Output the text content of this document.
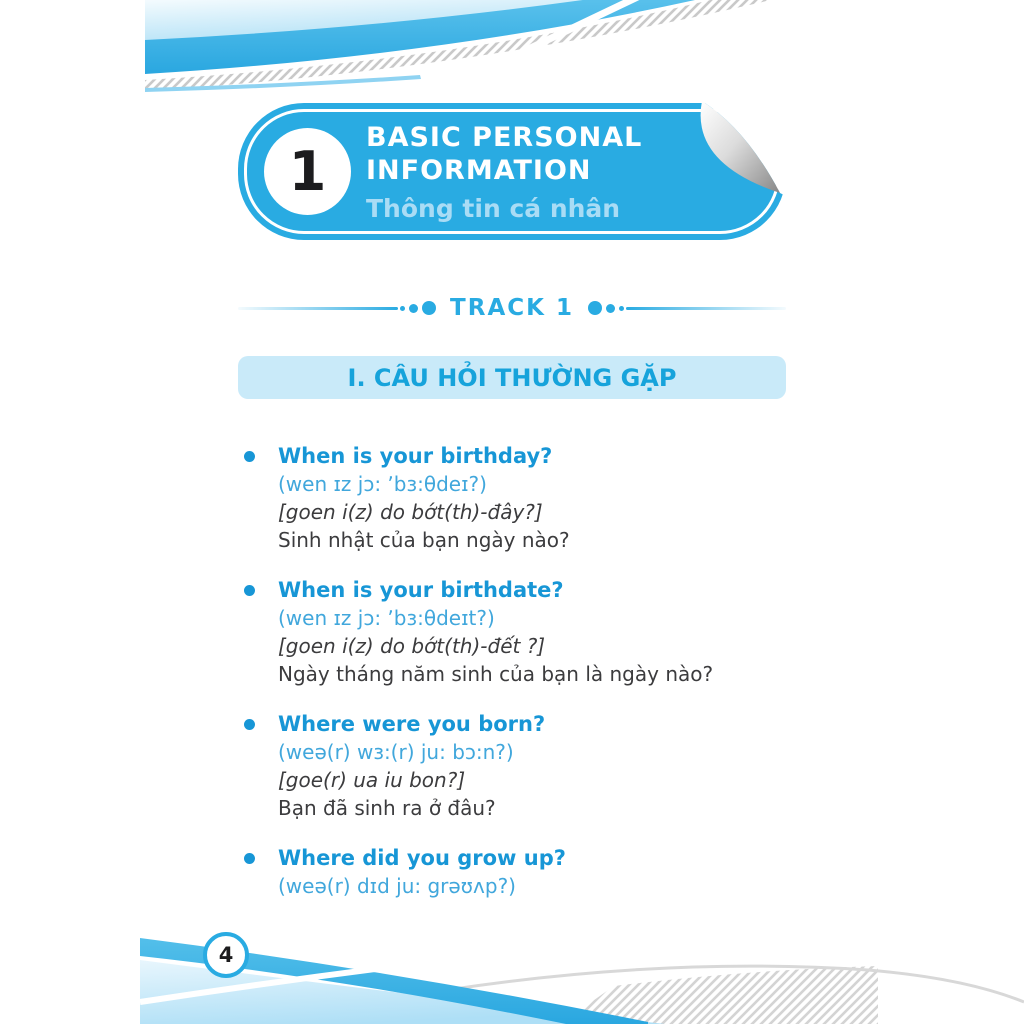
1
BASIC PERSONAL
INFORMATION
Thông tin cá nhân
TRACK 1
I. CÂU HỎI THƯỜNG GẶP
When is your birthday?
(wen ɪz jɔ: ʼbɜ:θdeɪ?)
[goen i(z) do bớt(th)-đây?]
Sinh nhật của bạn ngày nào?
When is your birthdate?
(wen ɪz jɔ: ʼbɜ:θdeɪt?)
[goen i(z) do bớt(th)-đết ?]
Ngày tháng năm sinh của bạn là ngày nào?
Where were you born?
(weə(r) wɜ:(r) ju: bɔ:n?)
[goe(r) ua iu bon?]
Bạn đã sinh ra ở đâu?
Where did you grow up?
(weə(r) dɪd ju: grəʊʌp?)
4
